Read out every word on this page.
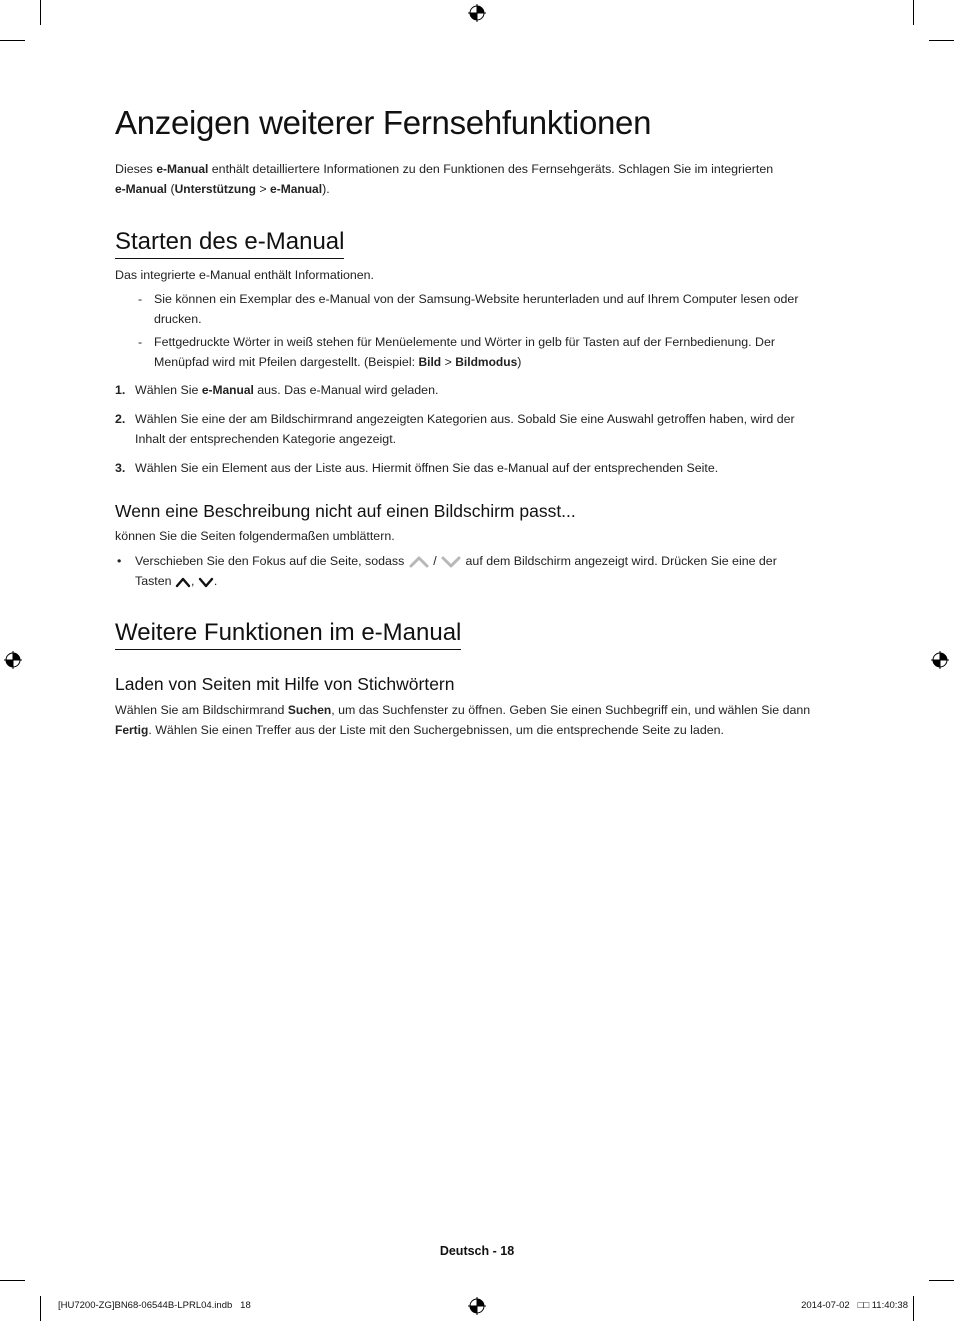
Anzeigen weiterer Fernsehfunktionen
Dieses e-Manual enthält detailliertere Informationen zu den Funktionen des Fernsehgeräts. Schlagen Sie im integrierten
e-Manual (Unterstützung > e-Manual).
Starten des e-Manual
Das integrierte e-Manual enthält Informationen.
- Sie können ein Exemplar des e-Manual von der Samsung-Website herunterladen und auf Ihrem Computer lesen oder drucken.
- Fettgedruckte Wörter in weiß stehen für Menüelemente und Wörter in gelb für Tasten auf der Fernbedienung. Der Menüpfad wird mit Pfeilen dargestellt. (Beispiel: Bild > Bildmodus)
1. Wählen Sie e-Manual aus. Das e-Manual wird geladen.
2. Wählen Sie eine der am Bildschirmrand angezeigten Kategorien aus. Sobald Sie eine Auswahl getroffen haben, wird der Inhalt der entsprechenden Kategorie angezeigt.
3. Wählen Sie ein Element aus der Liste aus. Hiermit öffnen Sie das e-Manual auf der entsprechenden Seite.
Wenn eine Beschreibung nicht auf einen Bildschirm passt...
können Sie die Seiten folgendermaßen umblättern.
• Verschieben Sie den Fokus auf die Seite, sodass  /  auf dem Bildschirm angezeigt wird. Drücken Sie eine der
Tasten , .
Weitere Funktionen im e-Manual
Laden von Seiten mit Hilfe von Stichwörtern
Wählen Sie am Bildschirmrand Suchen, um das Suchfenster zu öffnen. Geben Sie einen Suchbegriff ein, und wählen Sie dann
Fertig. Wählen Sie einen Treffer aus der Liste mit den Suchergebnissen, um die entsprechende Seite zu laden.
Deutsch - 18
[HU7200-ZG]BN68-06544B-LPRL04.indb   18	2014-07-02   □□ 11:40:38
